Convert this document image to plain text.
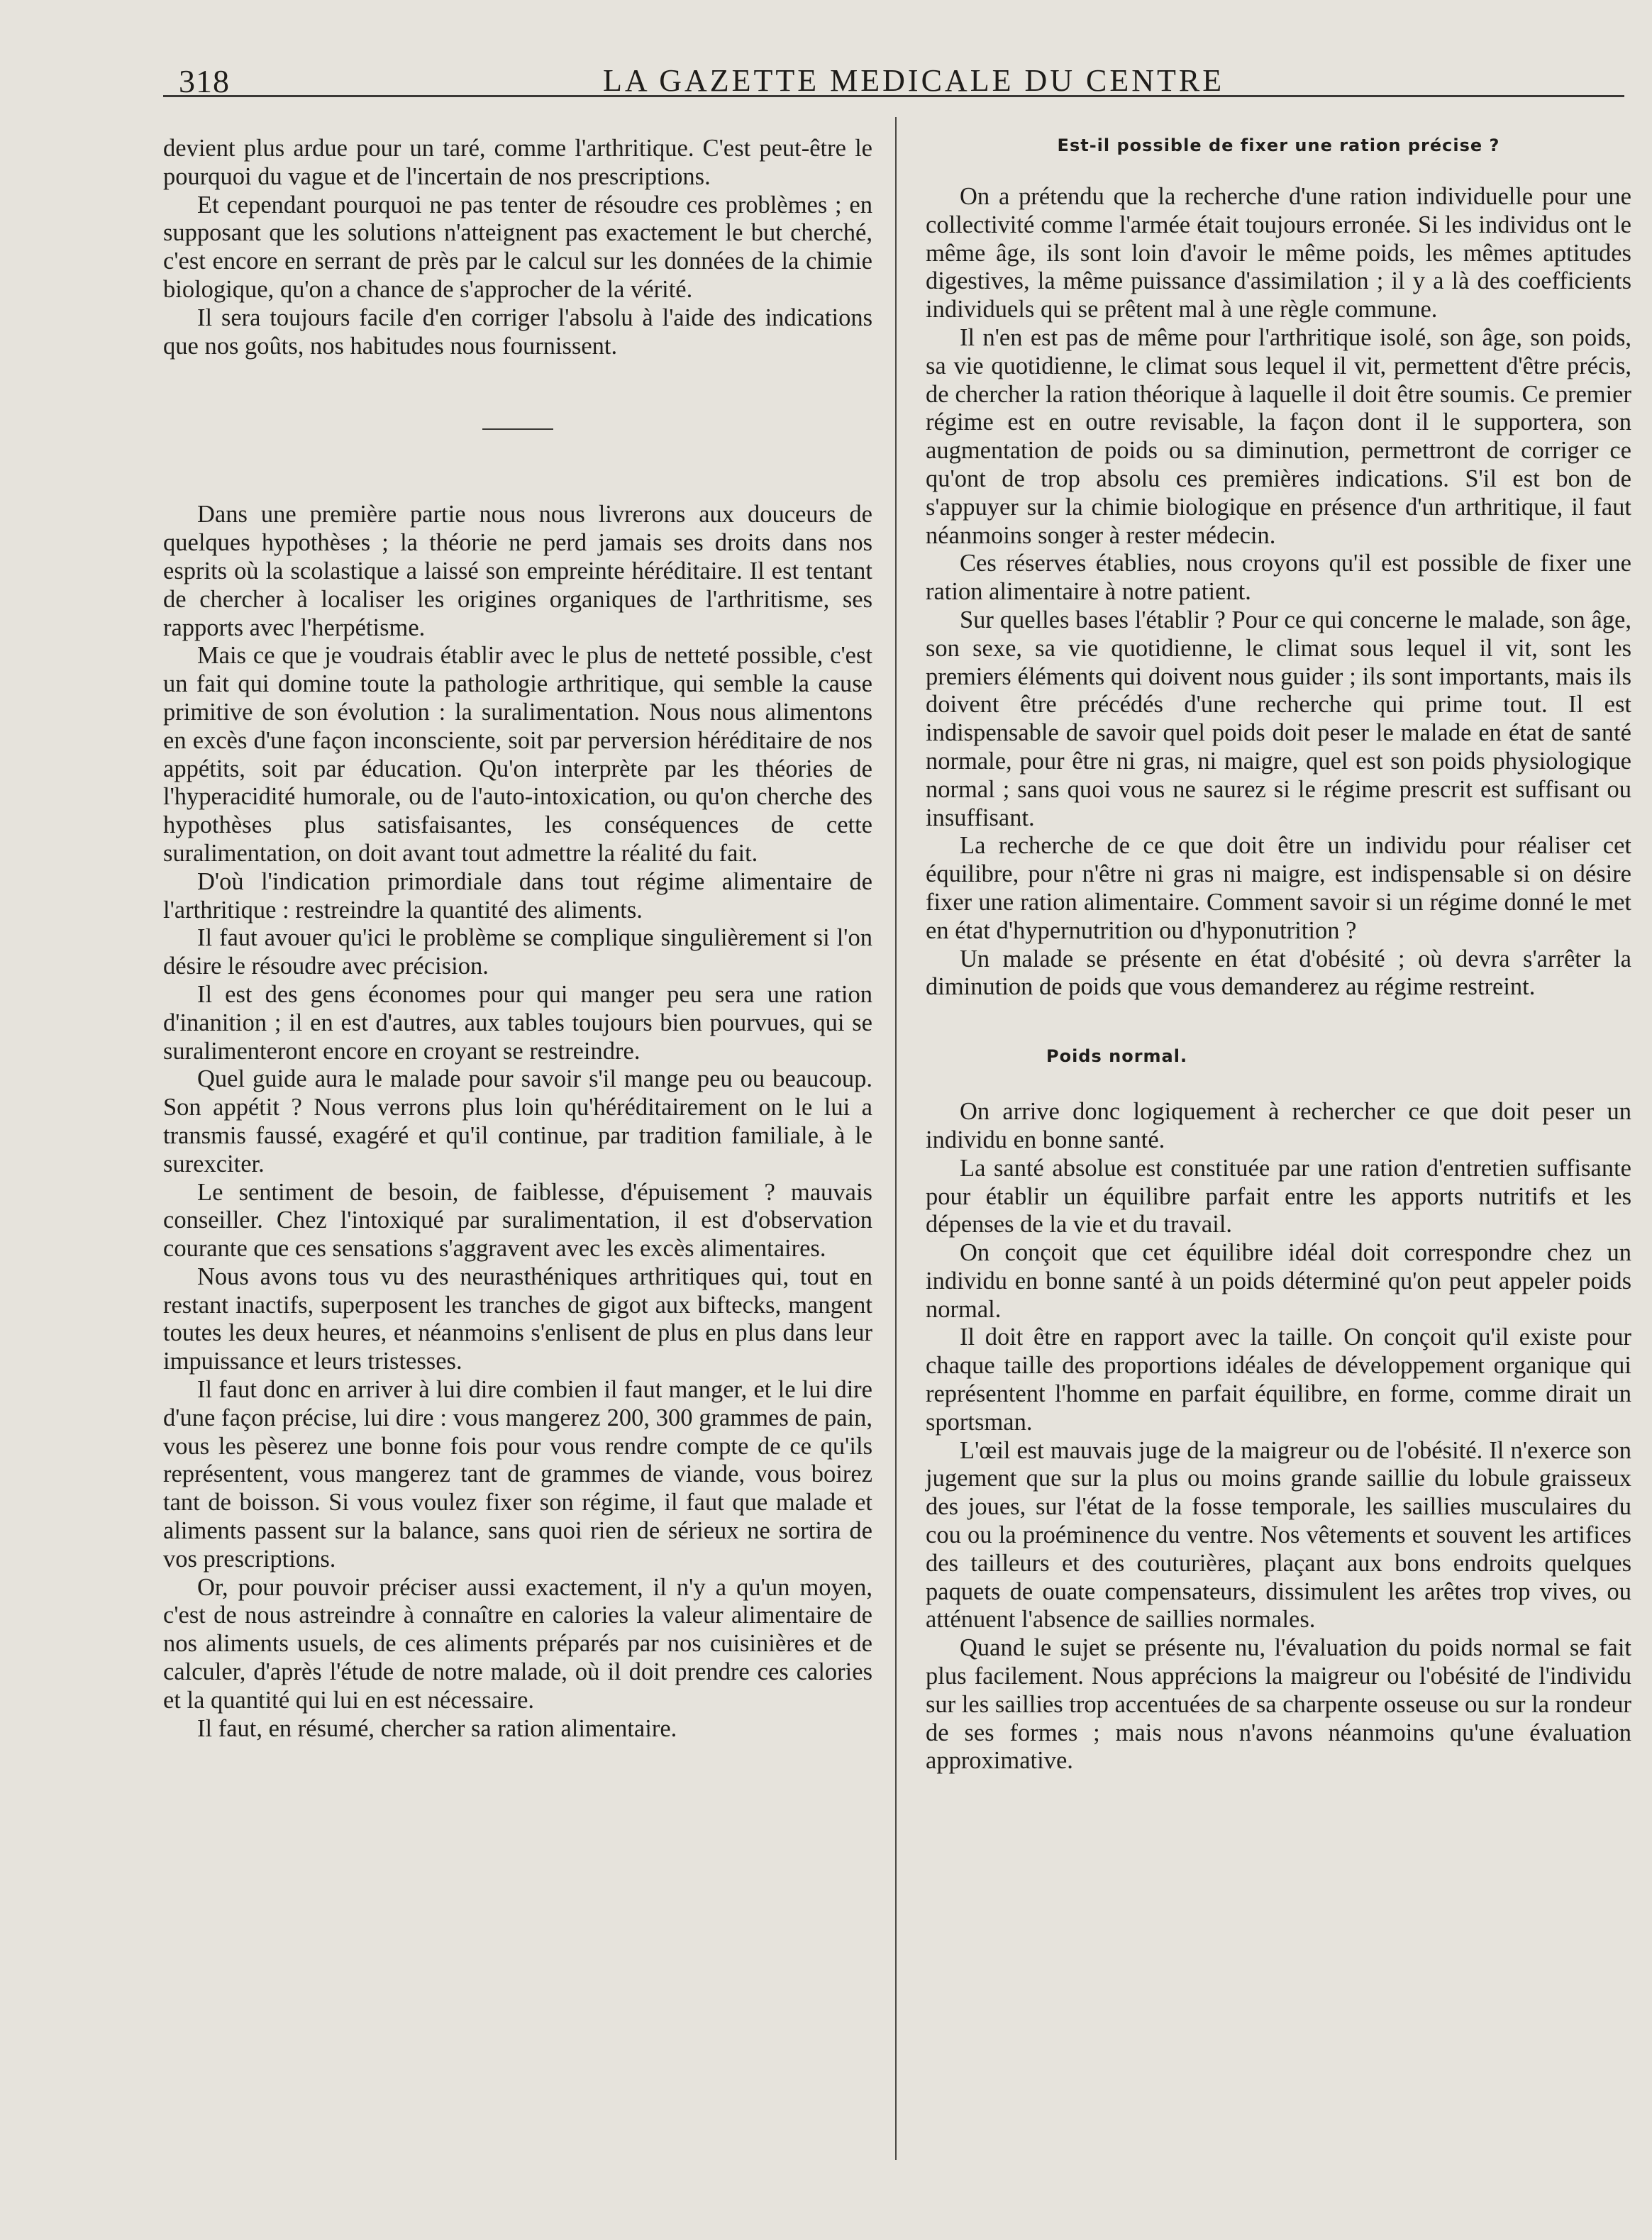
318	LA GAZETTE MEDICALE DU CENTRE

devient plus ardue pour un taré, comme l'arthritique. C'est peut-être le pourquoi du vague et de l'incertain de nos prescriptions.

Et cependant pourquoi ne pas tenter de résoudre ces problèmes ; en supposant que les solutions n'atteignent pas exactement le but cherché, c'est encore en serrant de près par le calcul sur les données de la chimie biologique, qu'on a chance de s'approcher de la vérité.

Il sera toujours facile d'en corriger l'absolu à l'aide des indications que nos goûts, nos habitudes nous fournissent.

Dans une première partie nous nous livrerons aux douceurs de quelques hypothèses ; la théorie ne perd jamais ses droits dans nos esprits où la scolastique a laissé son empreinte héréditaire. Il est tentant de chercher à localiser les origines organiques de l'arthritisme, ses rapports avec l'herpétisme.

Mais ce que je voudrais établir avec le plus de netteté possible, c'est un fait qui domine toute la pathologie arthritique, qui semble la cause primitive de son évolution : la suralimentation. Nous nous alimentons en excès d'une façon inconsciente, soit par perversion héréditaire de nos appétits, soit par éducation. Qu'on interprète par les théories de l'hyperacidité humorale, ou de l'auto-intoxication, ou qu'on cherche des hypothèses plus satisfaisantes, les conséquences de cette suralimentation, on doit avant tout admettre la réalité du fait.

D'où l'indication primordiale dans tout régime alimentaire de l'arthritique : restreindre la quantité des aliments.

Il faut avouer qu'ici le problème se complique singulièrement si l'on désire le résoudre avec précision.

Il est des gens économes pour qui manger peu sera une ration d'inanition ; il en est d'autres, aux tables toujours bien pourvues, qui se suralimenteront encore en croyant se restreindre.

Quel guide aura le malade pour savoir s'il mange peu ou beaucoup. Son appétit ? Nous verrons plus loin qu'héréditairement on le lui a transmis faussé, exagéré et qu'il continue, par tradition familiale, à le surexciter.

Le sentiment de besoin, de faiblesse, d'épuisement ? mauvais conseiller. Chez l'intoxiqué par suralimentation, il est d'observation courante que ces sensations s'aggravent avec les excès alimentaires.

Nous avons tous vu des neurasthéniques arthritiques qui, tout en restant inactifs, superposent les tranches de gigot aux biftecks, mangent toutes les deux heures, et néanmoins s'enlisent de plus en plus dans leur impuissance et leurs tristesses.

Il faut donc en arriver à lui dire combien il faut manger, et le lui dire d'une façon précise, lui dire : vous mangerez 200, 300 grammes de pain, vous les pèserez une bonne fois pour vous rendre compte de ce qu'ils représentent, vous mangerez tant de grammes de viande, vous boirez tant de boisson. Si vous voulez fixer son régime, il faut que malade et aliments passent sur la balance, sans quoi rien de sérieux ne sortira de vos prescriptions.

Or, pour pouvoir préciser aussi exactement, il n'y a qu'un moyen, c'est de nous astreindre à connaître en calories la valeur alimentaire de nos aliments usuels, de ces aliments préparés par nos cuisinières et de calculer, d'après l'étude de notre malade, où il doit prendre ces calories et la quantité qui lui en est nécessaire.

Il faut, en résumé, chercher sa ration alimentaire.

Est-il possible de fixer une ration précise ?

On a prétendu que la recherche d'une ration individuelle pour une collectivité comme l'armée était toujours erronée. Si les individus ont le même âge, ils sont loin d'avoir le même poids, les mêmes aptitudes digestives, la même puissance d'assimilation ; il y a là des coefficients individuels qui se prêtent mal à une règle commune.

Il n'en est pas de même pour l'arthritique isolé, son âge, son poids, sa vie quotidienne, le climat sous lequel il vit, permettent d'être précis, de chercher la ration théorique à laquelle il doit être soumis. Ce premier régime est en outre revisable, la façon dont il le supportera, son augmentation de poids ou sa diminution, permettront de corriger ce qu'ont de trop absolu ces premières indications. S'il est bon de s'appuyer sur la chimie biologique en présence d'un arthritique, il faut néanmoins songer à rester médecin.

Ces réserves établies, nous croyons qu'il est possible de fixer une ration alimentaire à notre patient.

Sur quelles bases l'établir ? Pour ce qui concerne le malade, son âge, son sexe, sa vie quotidienne, le climat sous lequel il vit, sont les premiers éléments qui doivent nous guider ; ils sont importants, mais ils doivent être précédés d'une recherche qui prime tout. Il est indispensable de savoir quel poids doit peser le malade en état de santé normale, pour être ni gras, ni maigre, quel est son poids physiologique normal ; sans quoi vous ne saurez si le régime prescrit est suffisant ou insuffisant.

La recherche de ce que doit être un individu pour réaliser cet équilibre, pour n'être ni gras ni maigre, est indispensable si on désire fixer une ration alimentaire. Comment savoir si un régime donné le met en état d'hypernutrition ou d'hyponutrition ?

Un malade se présente en état d'obésité ; où devra s'arrêter la diminution de poids que vous demanderez au régime restreint.

Poids normal.

On arrive donc logiquement à rechercher ce que doit peser un individu en bonne santé.

La santé absolue est constituée par une ration d'entretien suffisante pour établir un équilibre parfait entre les apports nutritifs et les dépenses de la vie et du travail.

On conçoit que cet équilibre idéal doit correspondre chez un individu en bonne santé à un poids déterminé qu'on peut appeler poids normal.

Il doit être en rapport avec la taille. On conçoit qu'il existe pour chaque taille des proportions idéales de développement organique qui représentent l'homme en parfait équilibre, en forme, comme dirait un sportsman.

L'œil est mauvais juge de la maigreur ou de l'obésité. Il n'exerce son jugement que sur la plus ou moins grande saillie du lobule graisseux des joues, sur l'état de la fosse temporale, les saillies musculaires du cou ou la proéminence du ventre. Nos vêtements et souvent les artifices des tailleurs et des couturières, plaçant aux bons endroits quelques paquets de ouate compensateurs, dissimulent les arêtes trop vives, ou atténuent l'absence de saillies normales.

Quand le sujet se présente nu, l'évaluation du poids normal se fait plus facilement. Nous apprécions la maigreur ou l'obésité de l'individu sur les saillies trop accentuées de sa charpente osseuse ou sur la rondeur de ses formes ; mais nous n'avons néanmoins qu'une évaluation approximative.
